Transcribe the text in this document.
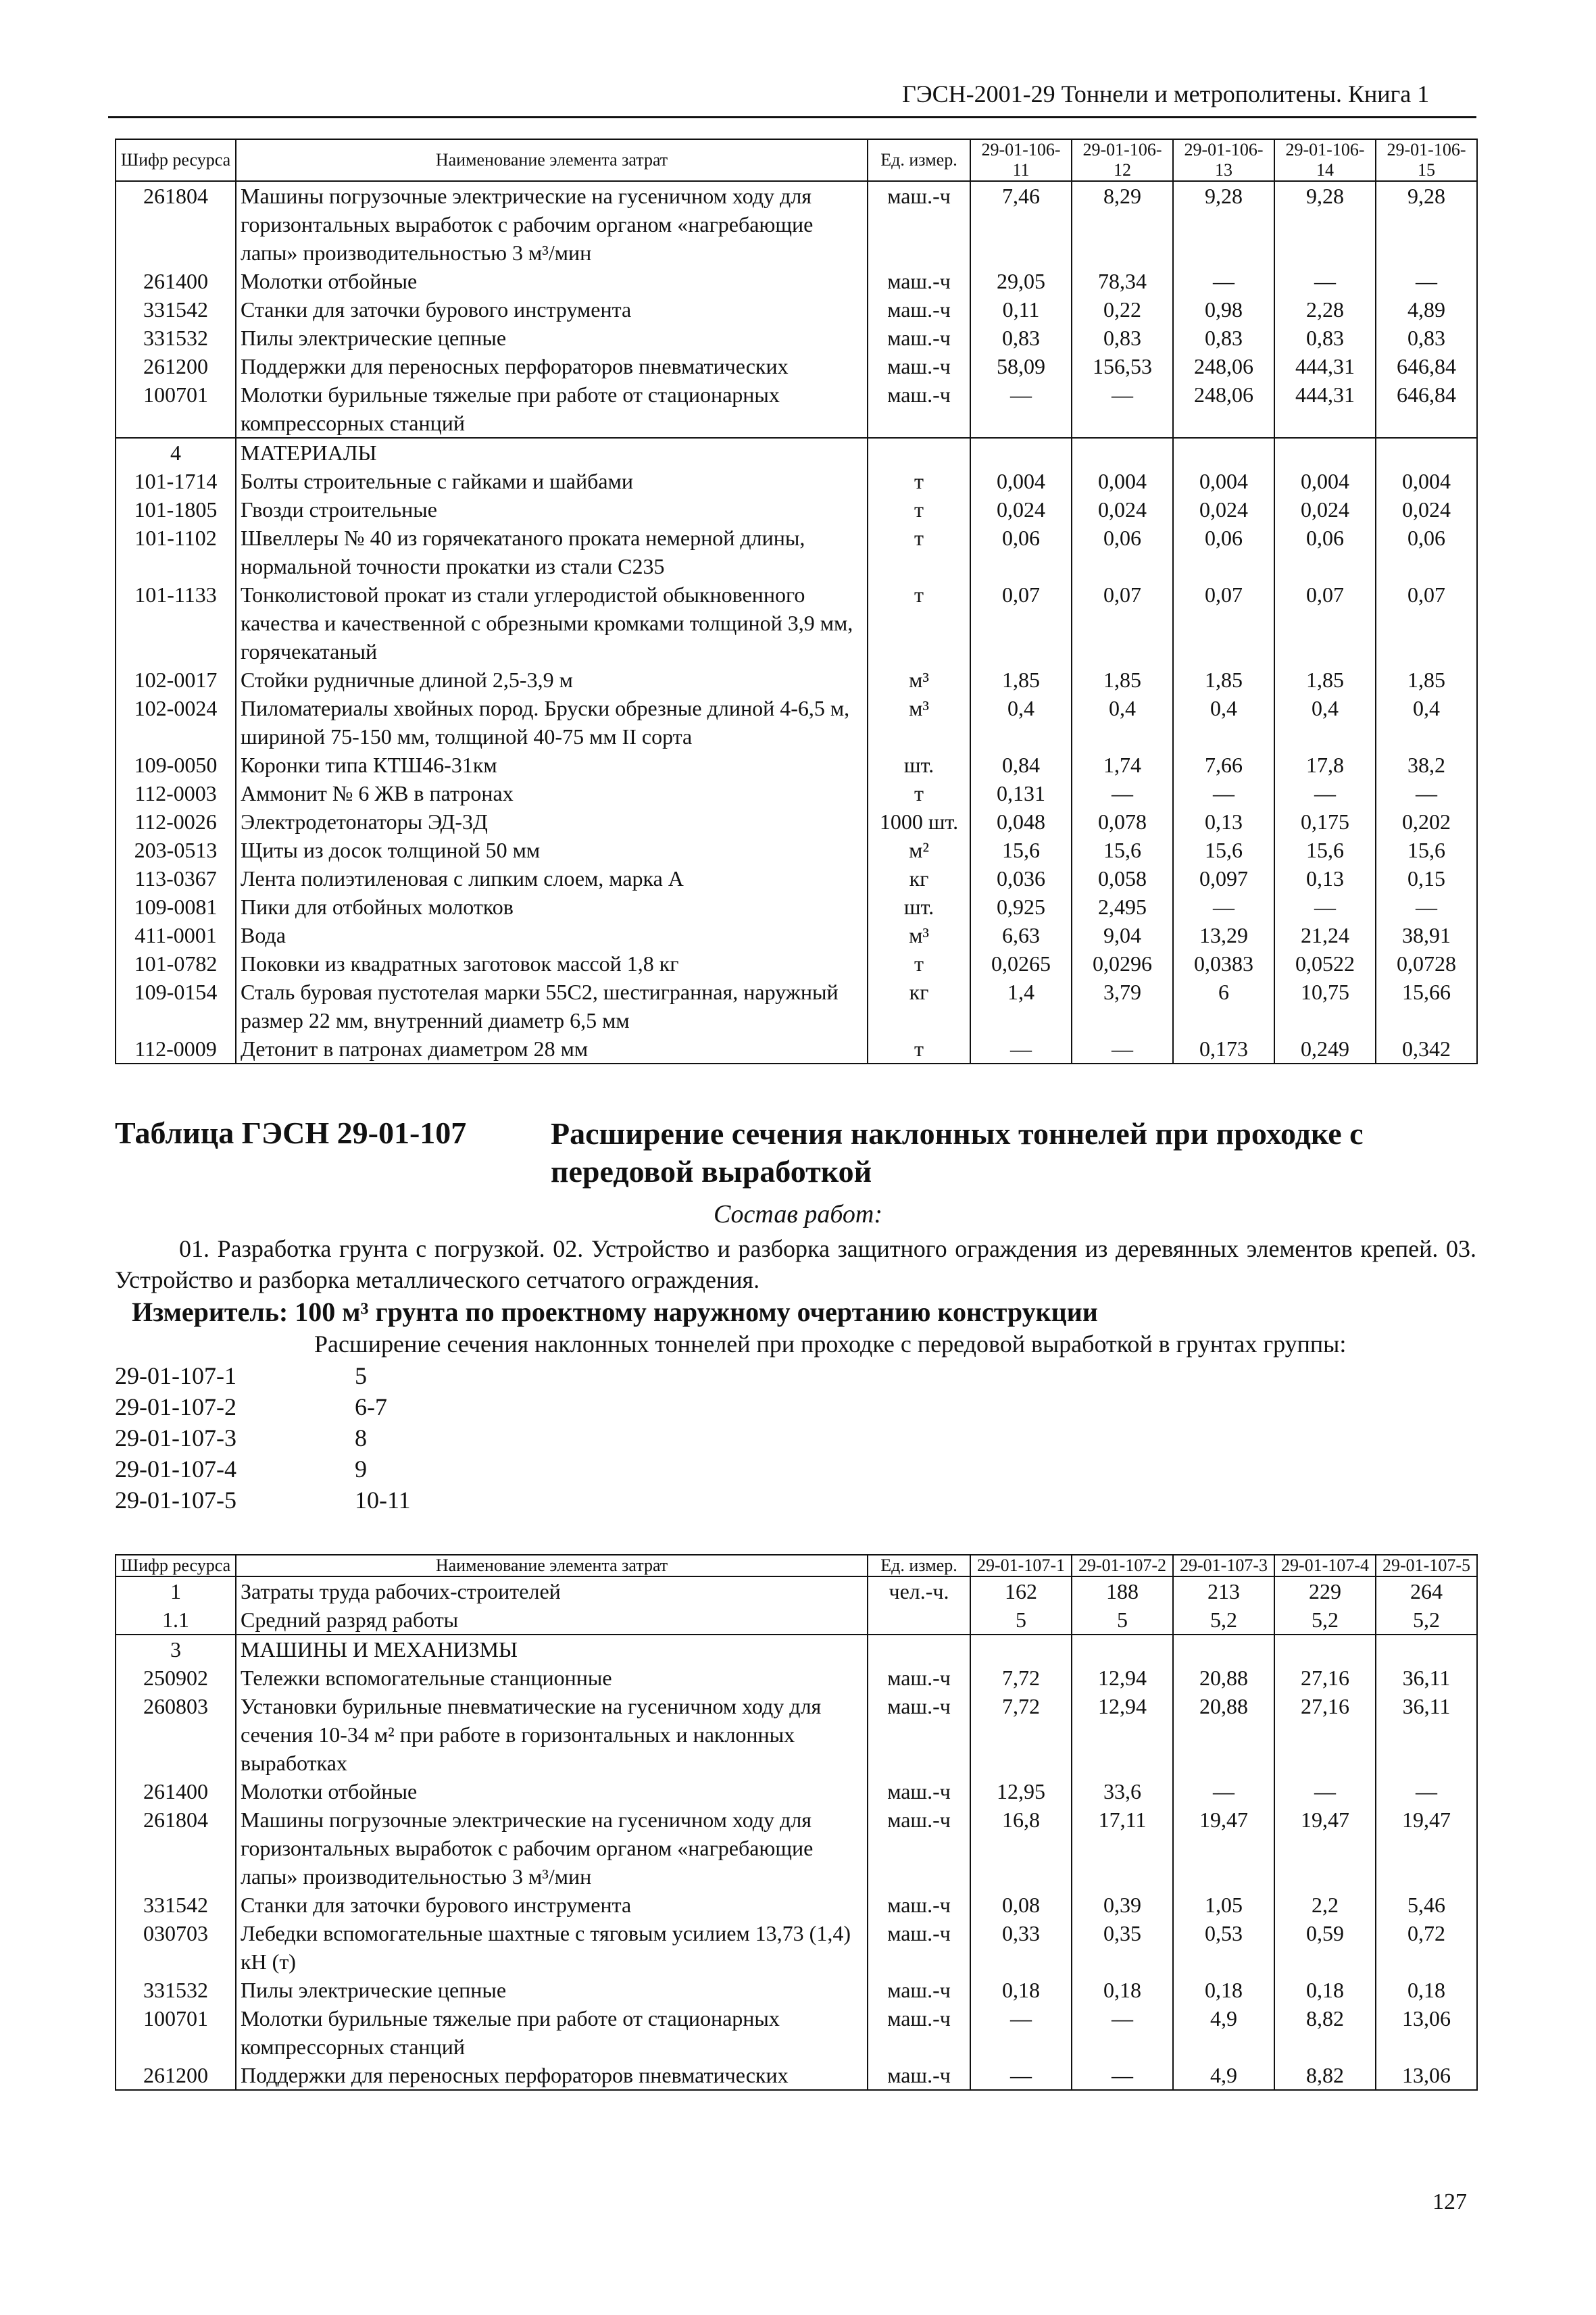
ГЭСН-2001-29 Тоннели и метрополитены. Книга 1
Шифр ресурса	Наименование элемента затрат	Ед. измер.	29-01-106-11	29-01-106-12	29-01-106-13	29-01-106-14	29-01-106-15
261804	Машины погрузочные электрические на гусеничном ходу для горизонтальных выработок с рабочим органом «нагребающие лапы» производительностью 3 м³/мин	маш.-ч	7,46	8,29	9,28	9,28	9,28
261400	Молотки отбойные	маш.-ч	29,05	78,34	—	—	—
331542	Станки для заточки бурового инструмента	маш.-ч	0,11	0,22	0,98	2,28	4,89
331532	Пилы электрические цепные	маш.-ч	0,83	0,83	0,83	0,83	0,83
261200	Поддержки для переносных перфораторов пневматических	маш.-ч	58,09	156,53	248,06	444,31	646,84
100701	Молотки бурильные тяжелые при работе от стационарных компрессорных станций	маш.-ч	—	—	248,06	444,31	646,84
4	МАТЕРИАЛЫ						
101-1714	Болты строительные с гайками и шайбами	т	0,004	0,004	0,004	0,004	0,004
101-1805	Гвозди строительные	т	0,024	0,024	0,024	0,024	0,024
101-1102	Швеллеры № 40 из горячекатаного проката немерной длины, нормальной точности прокатки из стали С235	т	0,06	0,06	0,06	0,06	0,06
101-1133	Тонколистовой прокат из стали углеродистой обыкновенного качества и качественной с обрезными кромками толщиной 3,9 мм, горячекатаный	т	0,07	0,07	0,07	0,07	0,07
102-0017	Стойки рудничные длиной 2,5-3,9 м	м³	1,85	1,85	1,85	1,85	1,85
102-0024	Пиломатериалы хвойных пород. Бруски обрезные длиной 4-6,5 м, шириной 75-150 мм, толщиной 40-75 мм II сорта	м³	0,4	0,4	0,4	0,4	0,4
109-0050	Коронки типа КТШ46-31км	шт.	0,84	1,74	7,66	17,8	38,2
112-0003	Аммонит № 6 ЖВ в патронах	т	0,131	—	—	—	—
112-0026	Электродетонаторы ЭД-3Д	1000 шт.	0,048	0,078	0,13	0,175	0,202
203-0513	Щиты из досок толщиной 50 мм	м²	15,6	15,6	15,6	15,6	15,6
113-0367	Лента полиэтиленовая с липким слоем, марка А	кг	0,036	0,058	0,097	0,13	0,15
109-0081	Пики для отбойных молотков	шт.	0,925	2,495	—	—	—
411-0001	Вода	м³	6,63	9,04	13,29	21,24	38,91
101-0782	Поковки из квадратных заготовок массой 1,8 кг	т	0,0265	0,0296	0,0383	0,0522	0,0728
109-0154	Сталь буровая пустотелая марки 55С2, шестигранная, наружный размер 22 мм, внутренний диаметр 6,5 мм	кг	1,4	3,79	6	10,75	15,66
112-0009	Детонит в патронах диаметром 28 мм	т	—	—	0,173	0,249	0,342
Таблица ГЭСН 29-01-107	Расширение сечения наклонных тоннелей при проходке с передовой выработкой
Состав работ:
01. Разработка грунта с погрузкой. 02. Устройство и разборка защитного ограждения из деревянных элементов крепей. 03. Устройство и разборка металлического сетчатого ограждения.
Измеритель: 100 м³ грунта по проектному наружному очертанию конструкции
Расширение сечения наклонных тоннелей при проходке с передовой выработкой в грунтах группы:
29-01-107-1	5
29-01-107-2	6-7
29-01-107-3	8
29-01-107-4	9
29-01-107-5	10-11
Шифр ресурса	Наименование элемента затрат	Ед. измер.	29-01-107-1	29-01-107-2	29-01-107-3	29-01-107-4	29-01-107-5
1	Затраты труда рабочих-строителей	чел.-ч.	162	188	213	229	264
1.1	Средний разряд работы		5	5	5,2	5,2	5,2
3	МАШИНЫ И МЕХАНИЗМЫ						
250902	Тележки вспомогательные станционные	маш.-ч	7,72	12,94	20,88	27,16	36,11
260803	Установки бурильные пневматические на гусеничном ходу для сечения 10-34 м² при работе в горизонтальных и наклонных выработках	маш.-ч	7,72	12,94	20,88	27,16	36,11
261400	Молотки отбойные	маш.-ч	12,95	33,6	—	—	—
261804	Машины погрузочные электрические на гусеничном ходу для горизонтальных выработок с рабочим органом «нагребающие лапы» производительностью 3 м³/мин	маш.-ч	16,8	17,11	19,47	19,47	19,47
331542	Станки для заточки бурового инструмента	маш.-ч	0,08	0,39	1,05	2,2	5,46
030703	Лебедки вспомогательные шахтные с тяговым усилием 13,73 (1,4) кН (т)	маш.-ч	0,33	0,35	0,53	0,59	0,72
331532	Пилы электрические цепные	маш.-ч	0,18	0,18	0,18	0,18	0,18
100701	Молотки бурильные тяжелые при работе от стационарных компрессорных станций	маш.-ч	—	—	4,9	8,82	13,06
261200	Поддержки для переносных перфораторов пневматических	маш.-ч	—	—	4,9	8,82	13,06
127
